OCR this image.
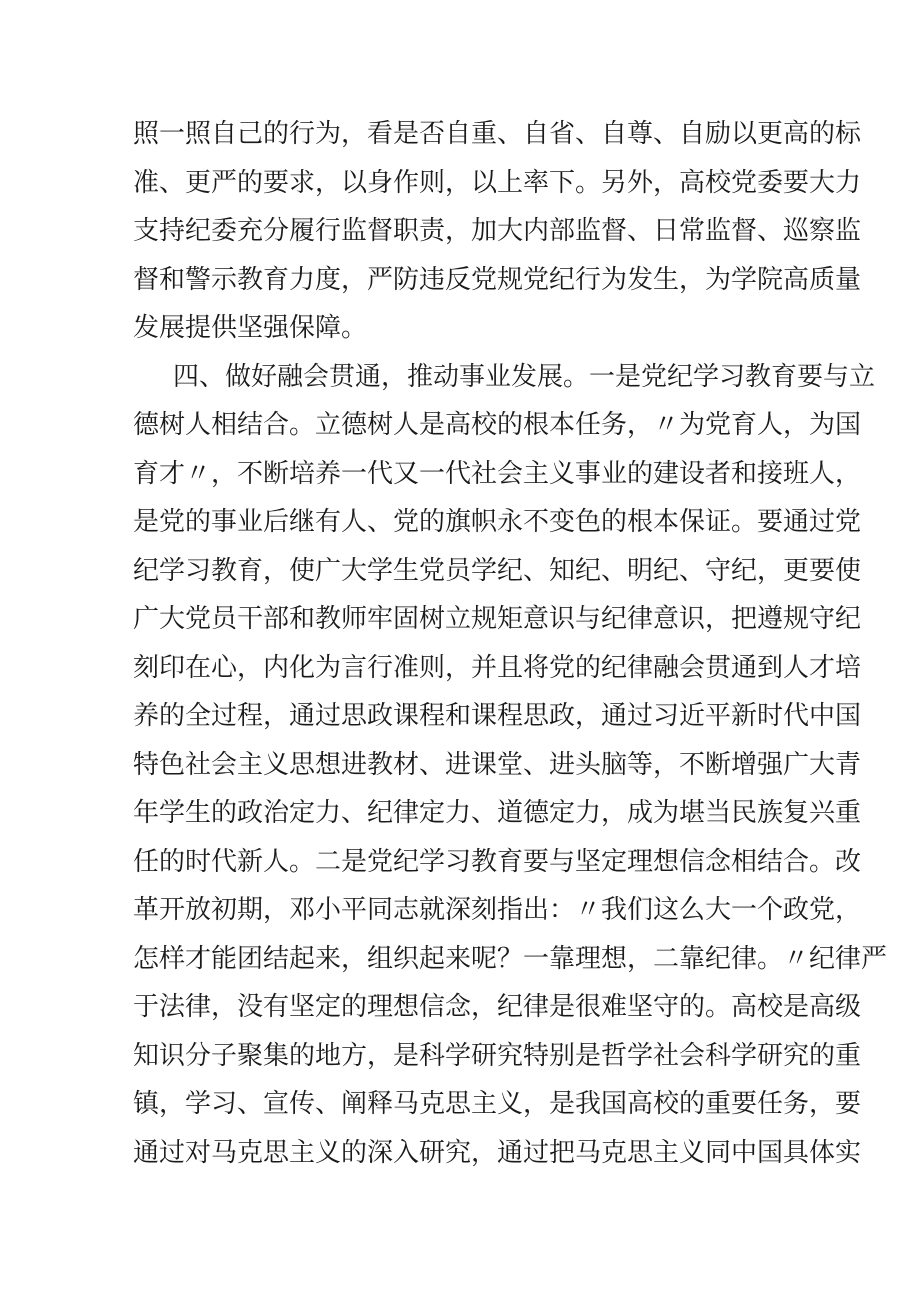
照一照自己的行为，看是否自重、自省、自尊、自励以更高的标
准、更严的要求，以身作则，以上率下。另外，高校党委要大力
支持纪委充分履行监督职责，加大内部监督、日常监督、巡察监
督和警示教育力度，严防违反党规党纪行为发生，为学院高质量
发展提供坚强保障。
四、做好融会贯通，推动事业发展。一是党纪学习教育要与立
德树人相结合。立德树人是高校的根本任务，〃为党育人，为国
育才〃，不断培养一代又一代社会主义事业的建设者和接班人，
是党的事业后继有人、党的旗帜永不变色的根本保证。要通过党
纪学习教育，使广大学生党员学纪、知纪、明纪、守纪，更要使
广大党员干部和教师牢固树立规矩意识与纪律意识，把遵规守纪
刻印在心，内化为言行准则，并且将党的纪律融会贯通到人才培
养的全过程，通过思政课程和课程思政，通过习近平新时代中国
特色社会主义思想进教材、进课堂、进头脑等，不断增强广大青
年学生的政治定力、纪律定力、道德定力，成为堪当民族复兴重
任的时代新人。二是党纪学习教育要与坚定理想信念相结合。改
革开放初期，邓小平同志就深刻指出：〃我们这么大一个政党，
怎样才能团结起来，组织起来呢？一靠理想，二靠纪律。〃纪律严
于法律，没有坚定的理想信念，纪律是很难坚守的。高校是高级
知识分子聚集的地方，是科学研究特别是哲学社会科学研究的重
镇，学习、宣传、阐释马克思主义，是我国高校的重要任务，要
通过对马克思主义的深入研究，通过把马克思主义同中国具体实
